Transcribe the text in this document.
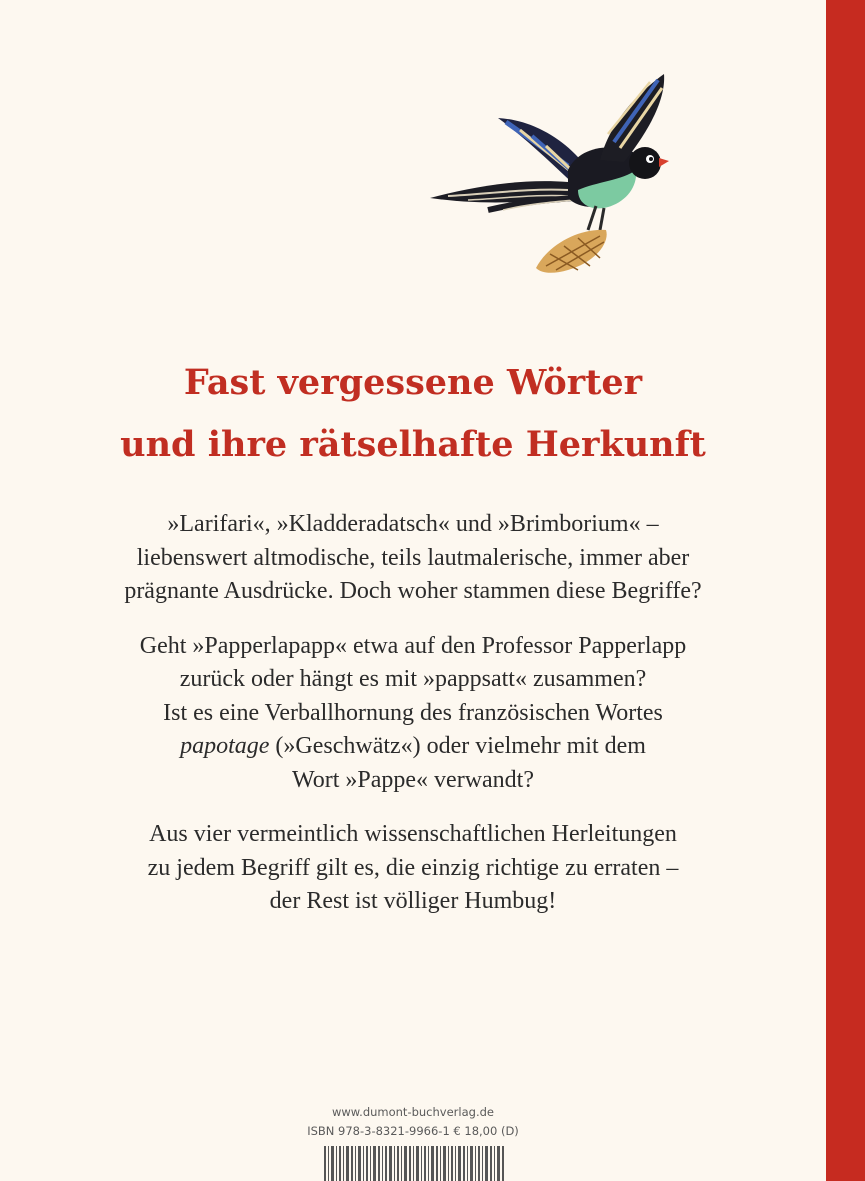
Fast vergessene Wörter
und ihre rätselhafte Herkunft

»Larifari«, »Kladderadatsch« und »Brimborium« –
liebenswert altmodische, teils lautmalerische, immer aber
prägnante Ausdrücke. Doch woher stammen diese Begriffe?

Geht »Papperlapapp« etwa auf den Professor Papperlapp
zurück oder hängt es mit »pappsatt« zusammen?
Ist es eine Verballhornung des französischen Wortes
papotage (»Geschwätz«) oder vielmehr mit dem
Wort »Pappe« verwandt?

Aus vier vermeintlich wissenschaftlichen Herleitungen
zu jedem Begriff gilt es, die einzig richtige zu erraten –
der Rest ist völliger Humbug!

www.dumont-buchverlag.de
ISBN 978-3-8321-9966-1 € 18,00 (D)
